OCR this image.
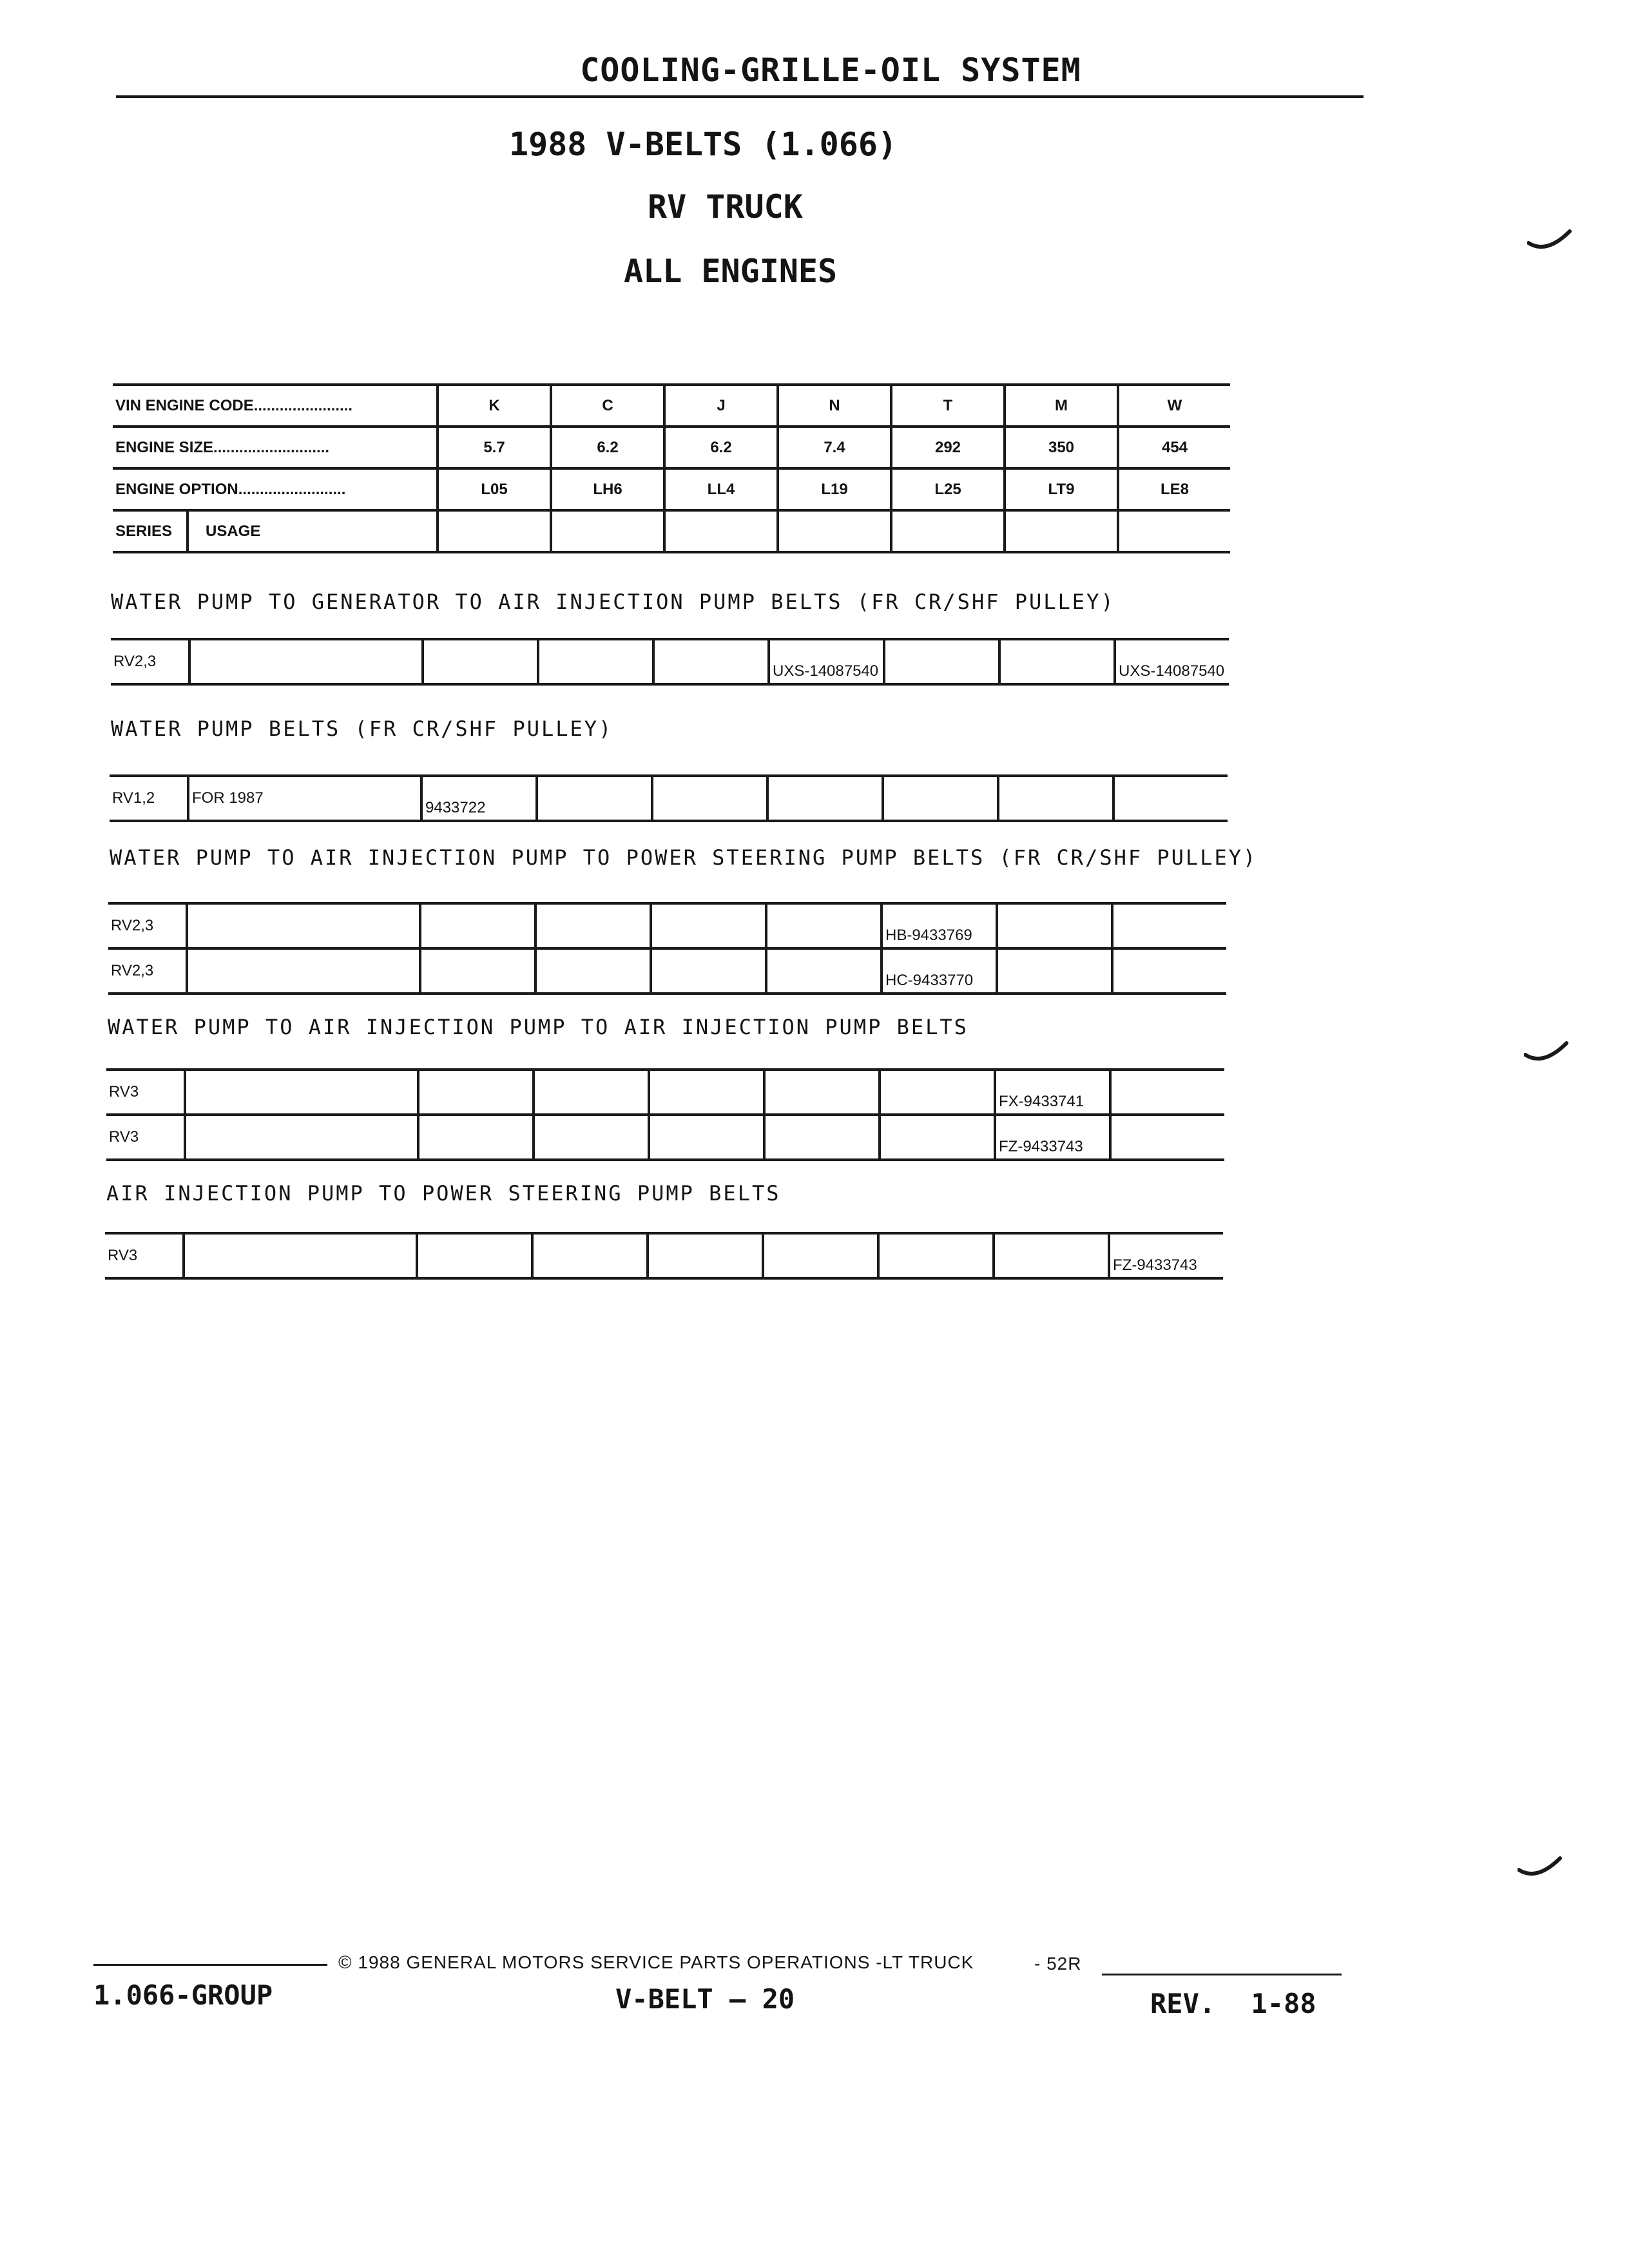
COOLING-GRILLE-OIL SYSTEM
1988 V-BELTS (1.066)
RV TRUCK
ALL ENGINES
VIN ENGINE CODE.......................		K	C	J	N	T	M	W
ENGINE SIZE...........................		5.7	6.2	6.2	7.4	292	350	454
ENGINE OPTION.........................		L05	LH6	LL4	L19	L25	LT9	LE8
SERIES	USAGE							
WATER PUMP TO GENERATOR TO AIR INJECTION PUMP BELTS (FR CR/SHF PULLEY)
RV2,3					UXS-14087540			UXS-14087540
WATER PUMP BELTS (FR CR/SHF PULLEY)
RV1,2	FOR 1987	9433722						
WATER PUMP TO AIR INJECTION PUMP TO POWER STEERING PUMP BELTS (FR CR/SHF PULLEY)
RV2,3						HB-9433769		
RV2,3						HC-9433770		
WATER PUMP TO AIR INJECTION PUMP TO AIR INJECTION PUMP BELTS
RV3							FX-9433741	
RV3							FZ-9433743	
AIR INJECTION PUMP TO POWER STEERING PUMP BELTS
RV3								FZ-9433743
© 1988 GENERAL MOTORS SERVICE PARTS OPERATIONS -LT TRUCK	- 52R
1.066-GROUP	V-BELT — 20	REV. 1-88
